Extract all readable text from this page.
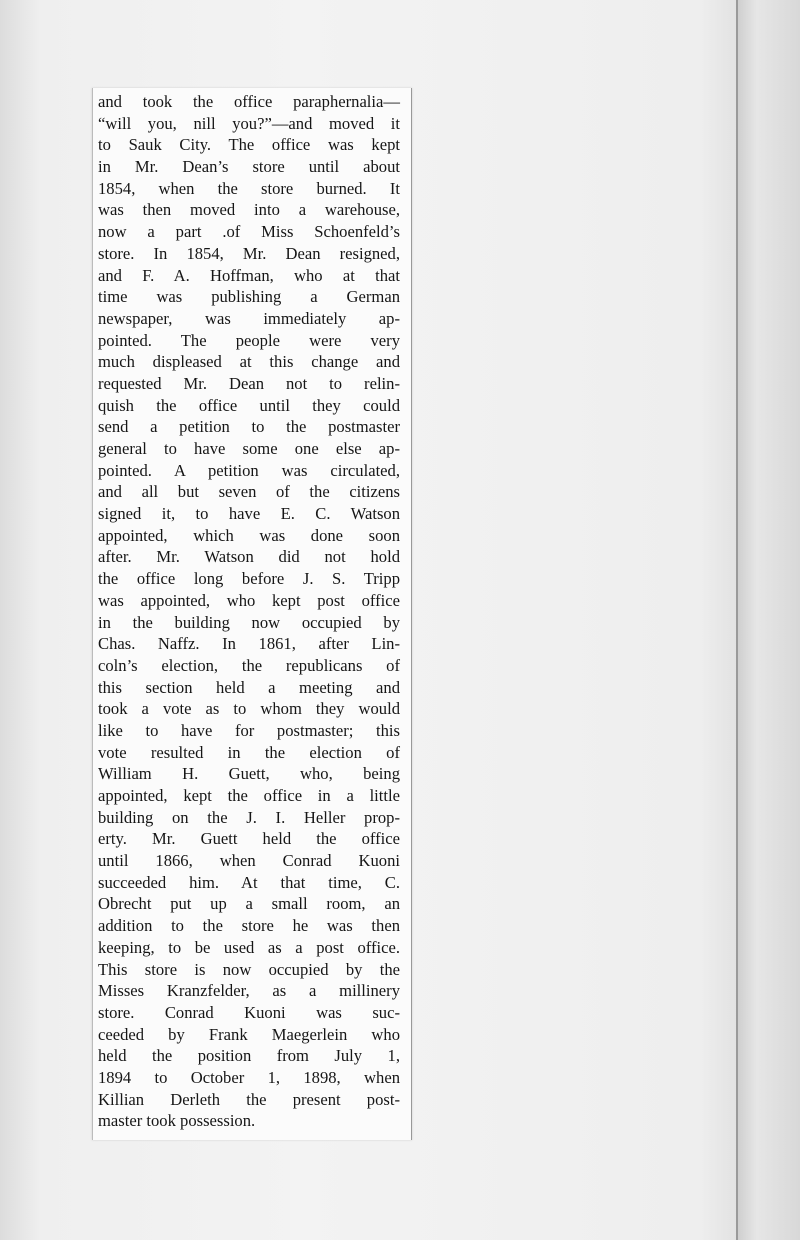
and took the office paraphernalia—
“will you, nill you?”—and moved it
to Sauk City. The office was kept
in Mr. Dean’s store until about
1854, when the store burned. It
was then moved into a warehouse,
now a part .of Miss Schoenfeld’s
store. In 1854, Mr. Dean resigned,
and F. A. Hoffman, who at that
time was publishing a German
newspaper, was immediately ap-
pointed. The people were very
much displeased at this change and
requested Mr. Dean not to relin-
quish the office until they could
send a petition to the postmaster
general to have some one else ap-
pointed. A petition was circulated,
and all but seven of the citizens
signed it, to have E. C. Watson
appointed, which was done soon
after. Mr. Watson did not hold
the office long before J. S. Tripp
was appointed, who kept post office
in the building now occupied by
Chas. Naffz. In 1861, after Lin-
coln’s election, the republicans of
this section held a meeting and
took a vote as to whom they would
like to have for postmaster; this
vote resulted in the election of
William H. Guett, who, being
appointed, kept the office in a little
building on the J. I. Heller prop-
erty. Mr. Guett held the office
until 1866, when Conrad Kuoni
succeeded him. At that time, C.
Obrecht put up a small room, an
addition to the store he was then
keeping, to be used as a post office.
This store is now occupied by the
Misses Kranzfelder, as a millinery
store. Conrad Kuoni was suc-
ceeded by Frank Maegerlein who
held the position from July 1,
1894 to October 1, 1898, when
Killian Derleth the present post-
master took possession.
